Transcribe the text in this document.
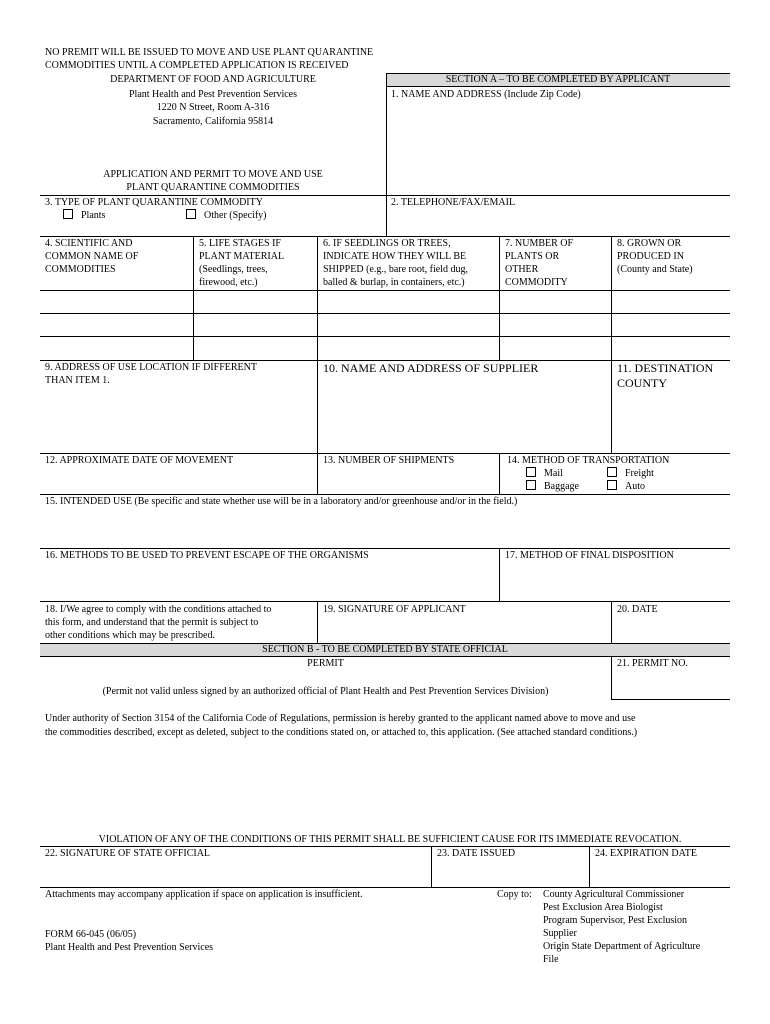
NO PREMIT WILL BE ISSUED TO MOVE AND USE PLANT QUARANTINE
COMMODITIES UNTIL A COMPLETED APPLICATION IS RECEIVED
SECTION A – TO BE COMPLETED BY APPLICANT
DEPARTMENT OF FOOD AND AGRICULTURE
Plant Health and Pest Prevention Services
1220 N Street, Room A-316
Sacramento, California 95814
APPLICATION AND PERMIT TO MOVE AND USE
PLANT QUARANTINE COMMODITIES
1. NAME AND ADDRESS (Include Zip Code)
3. TYPE OF PLANT QUARANTINE COMMODITY
Plants	Other (Specify)
2. TELEPHONE/FAX/EMAIL
4. SCIENTIFIC AND
COMMON NAME OF
COMMODITIES
5. LIFE STAGES IF
PLANT MATERIAL
(Seedlings, trees,
firewood, etc.)
6. IF SEEDLINGS OR TREES,
INDICATE HOW THEY WILL BE
SHIPPED (e.g., bare root, field dug,
balled & burlap, in containers, etc.)
7. NUMBER OF
PLANTS OR
OTHER
COMMODITY
8. GROWN OR
PRODUCED IN
(County and State)
9. ADDRESS OF USE LOCATION IF DIFFERENT
THAN ITEM 1.
10. NAME AND ADDRESS OF SUPPLIER	11. DESTINATION
COUNTY
12. APPROXIMATE DATE OF MOVEMENT	13. NUMBER OF SHIPMENTS	14. METHOD OF TRANSPORTATION
Mail	Freight
Baggage	Auto
15. INTENDED USE (Be specific and state whether use will be in a laboratory and/or greenhouse and/or in the field.)
16. METHODS TO BE USED TO PREVENT ESCAPE OF THE ORGANISMS	17. METHOD OF FINAL DISPOSITION
18. I/We agree to comply with the conditions attached to
this form, and understand that the permit is subject to
other conditions which may be prescribed.
19. SIGNATURE OF APPLICANT	20. DATE
SECTION B - TO BE COMPLETED BY STATE OFFICIAL
PERMIT	21. PERMIT NO.
(Permit not valid unless signed by an authorized official of Plant Health and Pest Prevention Services Division)
Under authority of Section 3154 of the California Code of Regulations, permission is hereby granted to the applicant named above to move and use
the commodities described, except as deleted, subject to the conditions stated on, or attached to, this application. (See attached standard conditions.)
VIOLATION OF ANY OF THE CONDITIONS OF THIS PERMIT SHALL BE SUFFICIENT CAUSE FOR ITS IMMEDIATE REVOCATION.
22. SIGNATURE OF STATE OFFICIAL	23. DATE ISSUED	24. EXPIRATION DATE
Attachments may accompany application if space on application is insufficient.	Copy to: County Agricultural Commissioner
Pest Exclusion Area Biologist
Program Supervisor, Pest Exclusion
Supplier
Origin State Department of Agriculture
File
FORM 66-045 (06/05)
Plant Health and Pest Prevention Services
